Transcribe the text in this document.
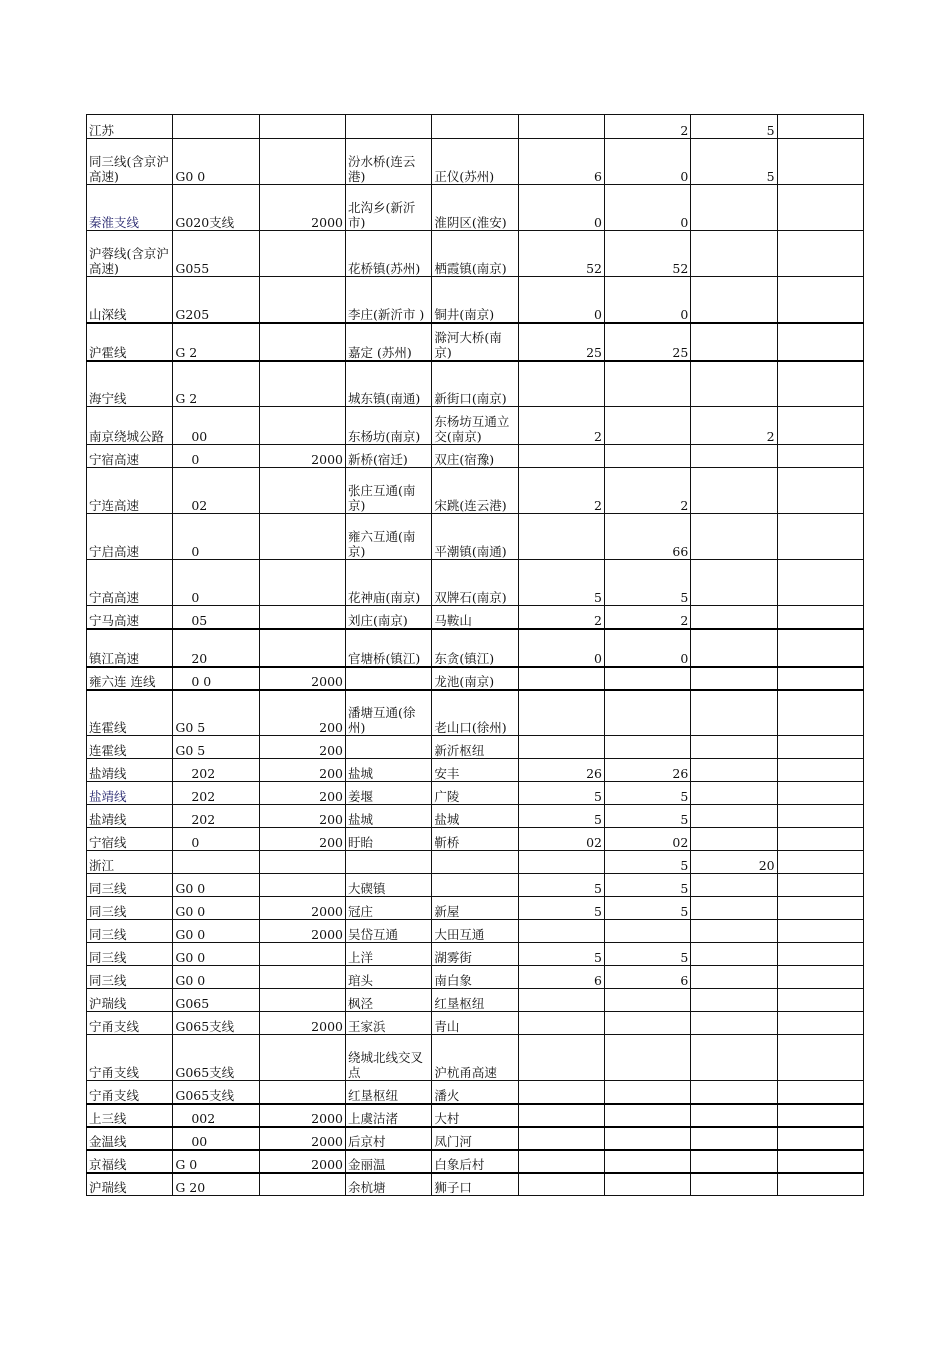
江苏						2	5	
同三线(含京沪高速)	G0 0		汾水桥(连云港)	正仪(苏州)	6	0	5	
秦淮支线	G020支线	2000	北沟乡(新沂市)	淮阴区(淮安)	0	0		
沪蓉线(含京沪高速)	G055		花桥镇(苏州)	栖霞镇(南京)	52	52		
山深线	G205		李庄(新沂市 )	铜井(南京)	0	0		
沪霍线	G 2		嘉定 (苏州)	滁河大桥(南京)	25	25		
海宁线	G 2		城东镇(南通)	新街口(南京)				
南京绕城公路	00		东杨坊(南京)	东杨坊互通立交(南京)	2		2	
宁宿高速	0	2000	新桥(宿迁)	双庄(宿豫)				
宁连高速	02		张庄互通(南京)	宋跳(连云港)	2	2		
宁启高速	0		雍六互通(南京)	平潮镇(南通)		66		
宁高高速	0		花神庙(南京)	双牌石(南京)	5	5		
宁马高速	05		刘庄(南京)	马鞍山	2	2		
镇江高速	20		官塘桥(镇江)	东贪(镇江)	0	0		
雍六连 连线	0 0	2000		龙池(南京)				
连霍线	G0 5	200	潘塘互通(徐州)	老山口(徐州)				
连霍线	G0 5	200		新沂枢纽				
盐靖线	202	200	盐城	安丰	26	26		
盐靖线	202	200	姜堰	广陵	5	5		
盐靖线	202	200	盐城	盐城	5	5		
宁宿线	0	200	盱眙	靳桥	02	02		
浙江						5	20	
同三线	G0 0		大碶镇		5	5		
同三线	G0 0	2000	冠庄	新屋	5	5		
同三线	G0 0	2000	吴岱互通	大田互通				
同三线	G0 0		上洋	湖雾街	5	5		
同三线	G0 0		琯头	南白象	6	6		
沪瑞线	G065		枫泾	红垦枢纽				
宁甬支线	G065支线	2000	王家浜	青山				
宁甬支线	G065支线		绕城北线交叉点	沪杭甬高速				
宁甬支线	G065支线		红垦枢纽	潘火				
上三线	002	2000	上虞沽渚	大村				
金温线	00	2000	后京村	凤门河				
京福线	G 0	2000	金丽温	白象后村				
沪瑞线	G 20		余杭塘	狮子口				
